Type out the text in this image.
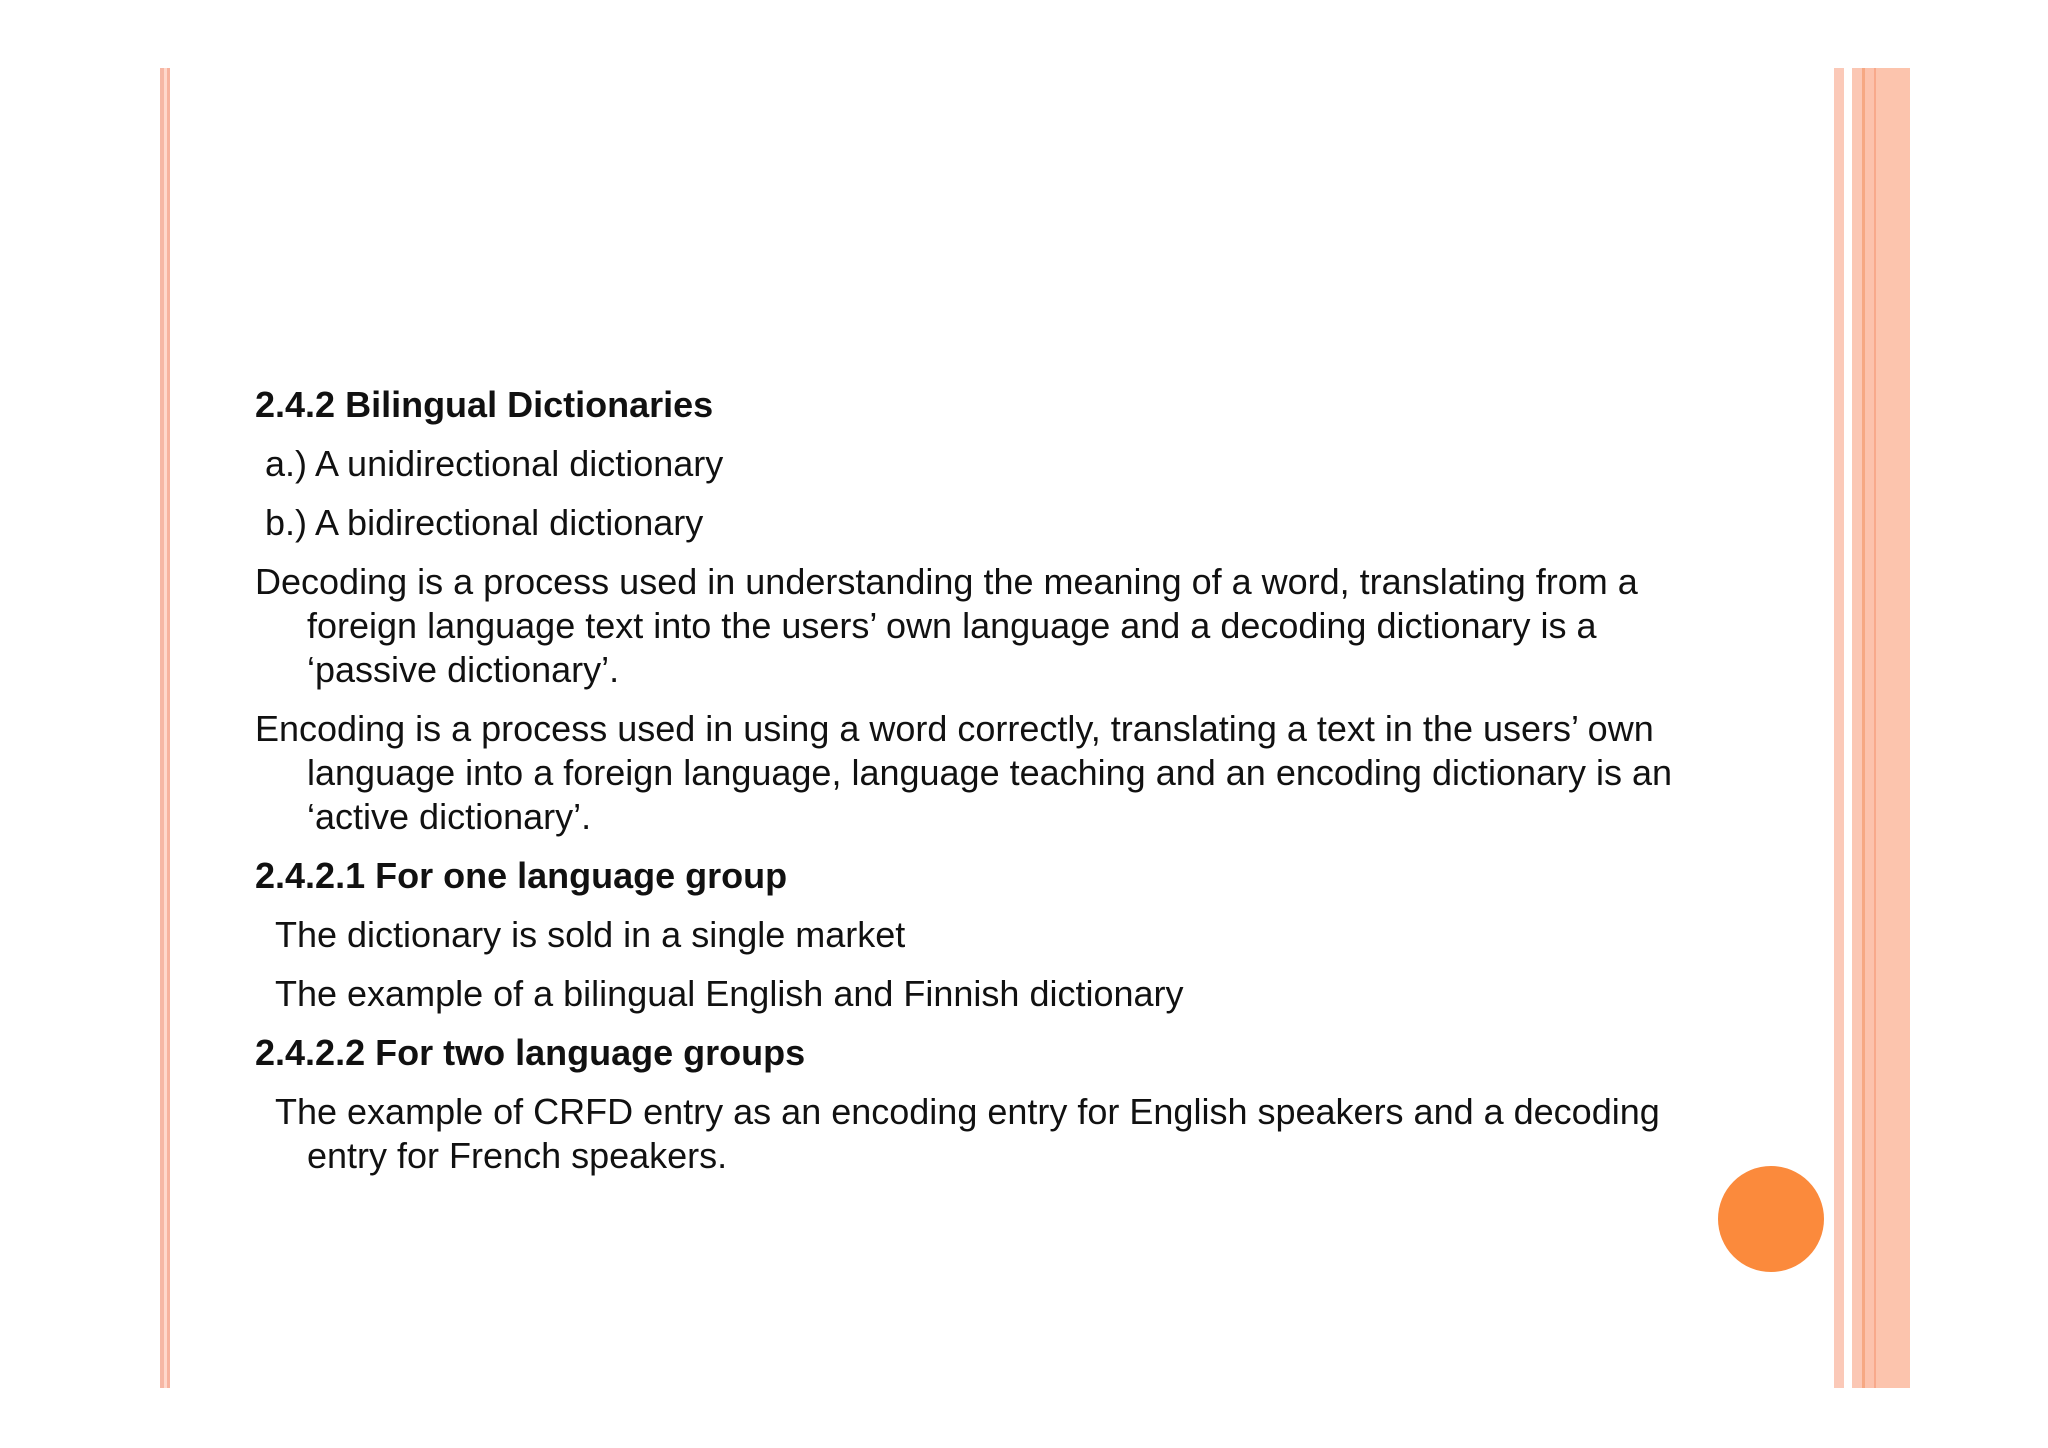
2.4.2 Bilingual Dictionaries
a.) A unidirectional dictionary
b.) A bidirectional dictionary
Decoding is a process used in understanding the meaning of a word, translating from a foreign language text into the users’ own language and a decoding dictionary is a ‘passive dictionary’.
Encoding is a process used in using a word correctly, translating a text in the users’ own language into a foreign language, language teaching and an encoding dictionary is an ‘active dictionary’.
2.4.2.1 For one language group
The dictionary is sold in a single market
The example of a bilingual English and Finnish dictionary
2.4.2.2 For two language groups
The example of CRFD entry as an encoding entry for English speakers and a decoding entry for French speakers.
